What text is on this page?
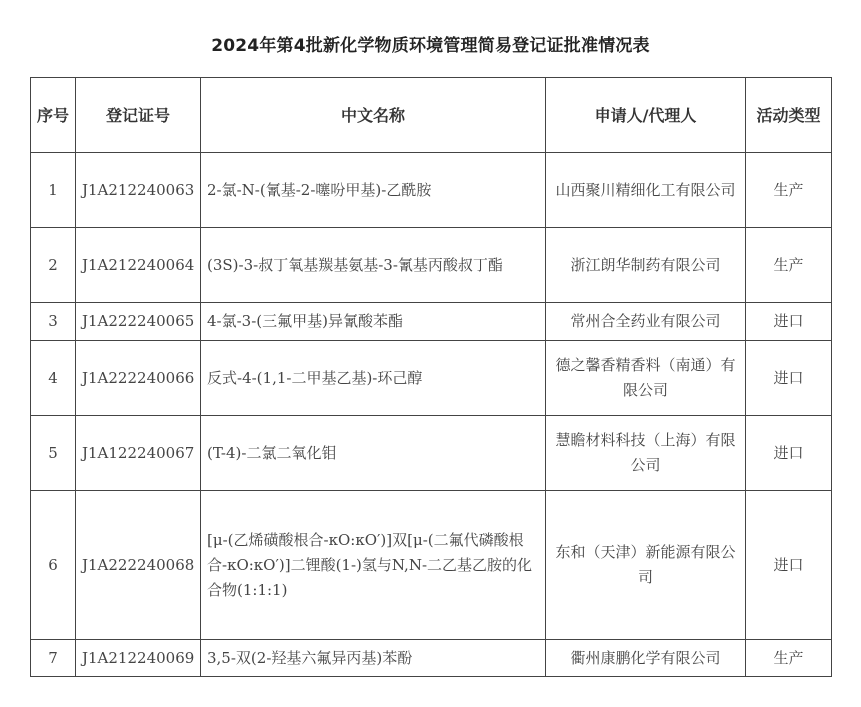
2024年第4批新化学物质环境管理简易登记证批准情况表
序号	登记证号	中文名称	申请人/代理人	活动类型
1	J1A212240063	2-氯-N-(氰基-2-噻吩甲基)-乙酰胺	山西聚川精细化工有限公司	生产
2	J1A212240064	(3S)-3-叔丁氧基羰基氨基-3-氰基丙酸叔丁酯	浙江朗华制药有限公司	生产
3	J1A222240065	4-氯-3-(三氟甲基)异氰酸苯酯	常州合全药业有限公司	进口
4	J1A222240066	反式-4-(1,1-二甲基乙基)-环己醇	德之馨香精香料（南通）有限公司	进口
5	J1A122240067	(T-4)-二氯二氧化钼	慧瞻材料科技（上海）有限公司	进口
6	J1A222240068	[μ-(乙烯磺酸根合-κO:κO′)]双[μ-(二氟代磷酸根合-κO:κO′)]二锂酸(1-)氢与N,N-二乙基乙胺的化合物(1:1:1)	东和（天津）新能源有限公司	进口
7	J1A212240069	3,5-双(2-羟基六氟异丙基)苯酚	衢州康鹏化学有限公司	生产
